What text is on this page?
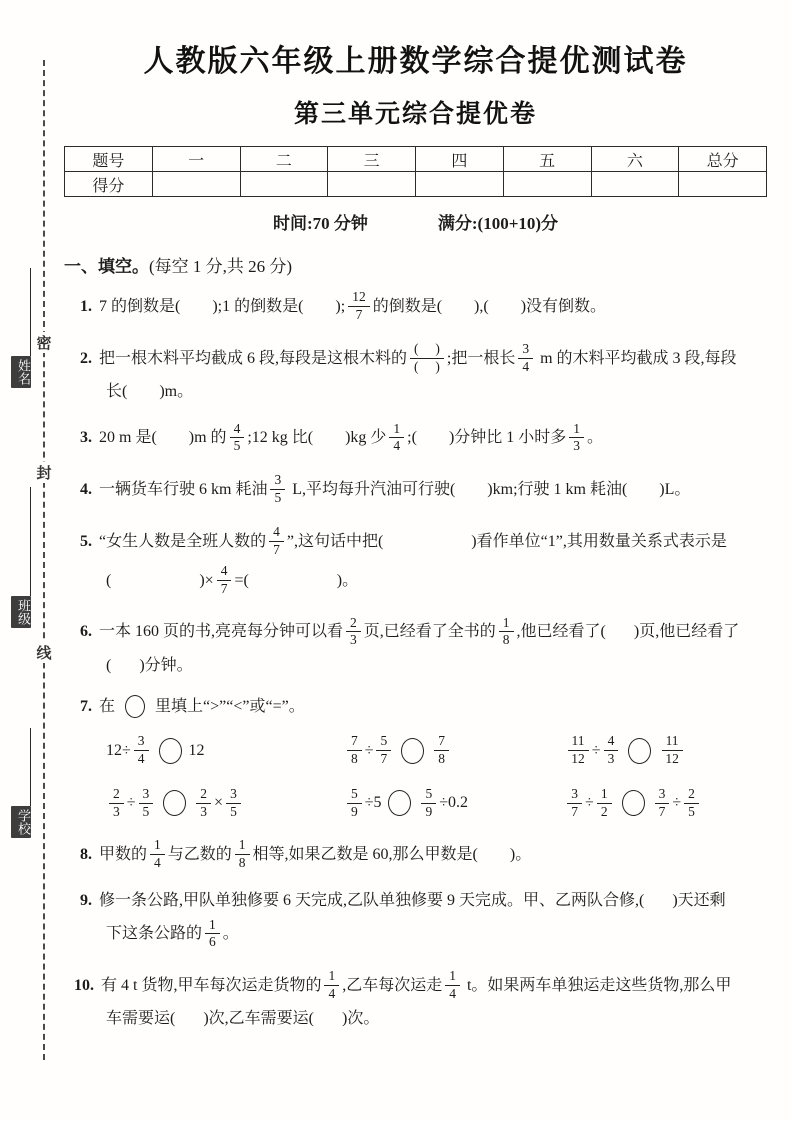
密
封
线
姓名
班级
学校
人教版六年级上册数学综合提优测试卷
第三单元综合提优卷
题号	一	二	三	四	五	六	总分
得分							
时间:70 分钟	满分:(100+10)分
一、填空。(每空 1 分,共 26 分)
1. 7 的倒数是(        );1 的倒数是(        ); $\frac{12}{7}$ 的倒数是(        ),(        )没有倒数。
2. 把一根木料平均截成 6 段,每段是这根木料的 $\frac{( )}{( )}$ ;把一根长 $\frac{3}{4}$ m 的木料平均截成 3 段,每段
长(        )m。
3. 20 m 是(        )m 的 $\frac{4}{5}$ ;12 kg 比(        )kg 少 $\frac{1}{4}$ ;(        )分钟比 1 小时多 $\frac{1}{3}$ 。
4. 一辆货车行驶 6 km 耗油 $\frac{3}{5} L$,平均每升汽油可行驶(        )km;行驶 1 km 耗油(        )L。
5. “女生人数是全班人数的 $\frac{4}{7}$ ”,这句话中把(                      )看作单位“1”,其用数量关系式表示是
(                      )× $\frac{4}{7}$ =(                      )。
6. 一本 160 页的书,亮亮每分钟可以看 $\frac{2}{3}$ 页,已经看了全书的 $\frac{1}{8}$ ,他已经看了(       )页,他已经看了
(       )分钟。
7. 在 里填上“>”“<”或“=”。
$12\div \frac{3}{4}$	12	$\frac{7}{8} \div \frac{5}{7}$	$\frac{7}{8}$	$\frac{11}{12} \div \frac{4}{3}$	$\frac{11}{12}$
$\frac{2}{3} \div \frac{3}{5}$	$\frac{2}{3} \times \frac{3}{5}$	$\frac{5}{9} \div 5$	$\frac{5}{9} \div 0.2$	$\frac{3}{7} \div \frac{1}{2}$	$\frac{3}{7} \div \frac{2}{5}$
8. 甲数的 $\frac{1}{4}$ 与乙数的 $\frac{1}{8}$ 相等,如果乙数是 60,那么甲数是(        )。
9. 修一条公路,甲队单独修要 6 天完成,乙队单独修要 9 天完成。甲、乙两队合修,(       )天还剩
下这条公路的 $\frac{1}{6}$ 。
10. 有 4 t 货物,甲车每次运走货物的 $\frac{1}{4}$ ,乙车每次运走 $\frac{1}{4}$ t。如果两车单独运走这些货物,那么甲
车需要运(       )次,乙车需要运(       )次。
